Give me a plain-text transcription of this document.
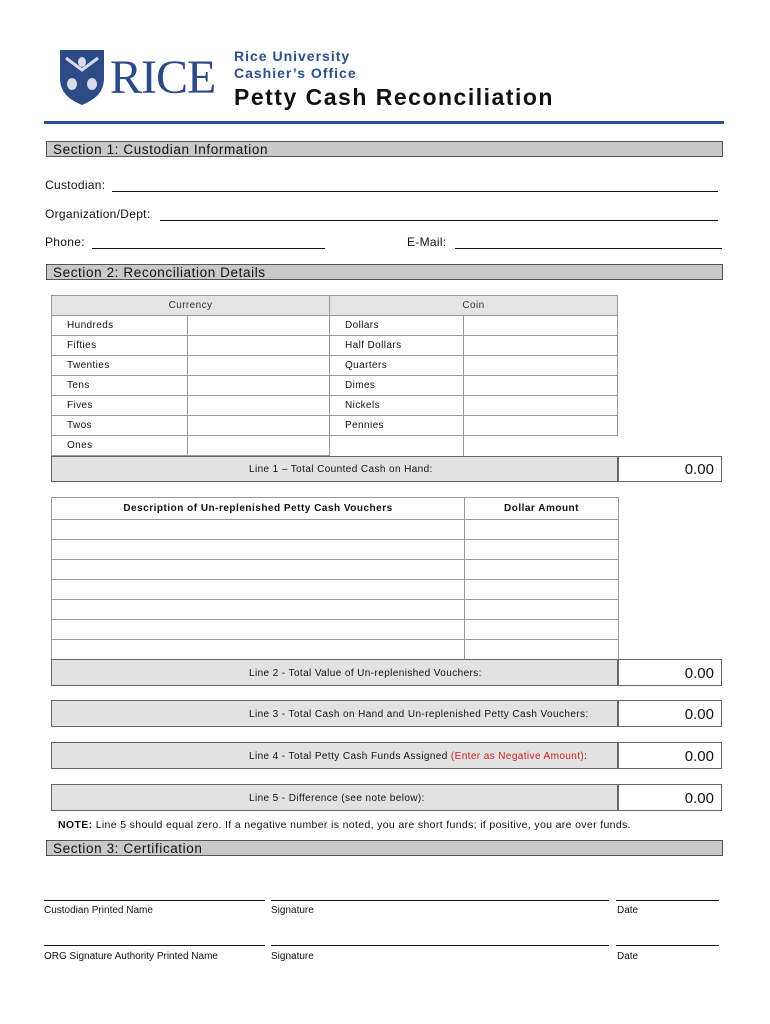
RICE Rice University
Cashier’s Office
Petty Cash Reconciliation
Section 1: Custodian Information
Custodian:
Organization/Dept:
Phone:	E-Mail:
Section 2: Reconciliation Details
Currency		Coin	
Hundreds		Dollars	
Fifties		Half Dollars	
Twenties		Quarters	
Tens		Dimes	
Fives		Nickels	
Twos		Pennies	
Ones			
Line 1 – Total Counted Cash on Hand:	0.00
Description of Un-replenished Petty Cash Vouchers	Dollar Amount

Line 2 - Total Value of Un-replenished Vouchers:	0.00
Line 3 - Total Cash on Hand and Un-replenished Petty Cash Vouchers:	0.00
Line 4 - Total Petty Cash Funds Assigned (Enter as Negative Amount):	0.00
Line 5 - Difference (see note below):	0.00
NOTE: Line 5 should equal zero. If a negative number is noted, you are short funds; if positive, you are over funds.
Section 3: Certification
Custodian Printed Name	Signature	Date
ORG Signature Authority Printed Name	Signature	Date
